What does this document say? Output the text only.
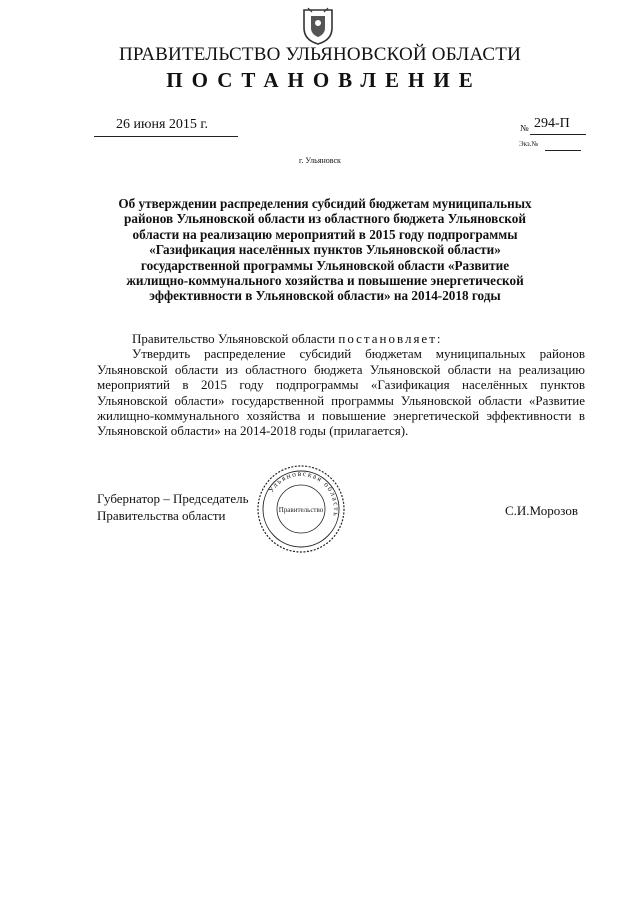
ПРАВИТЕЛЬСТВО УЛЬЯНОВСКОЙ ОБЛАСТИ
ПОСТАНОВЛЕНИЕ
26 июня 2015 г.	№ 294-П
Экз.№
г. Ульяновск
Об утверждении распределения субсидий бюджетам муниципальных
районов Ульяновской области из областного бюджета Ульяновской
области на реализацию мероприятий в 2015 году подпрограммы
«Газификация населённых пунктов Ульяновской области»
государственной программы Ульяновской области «Развитие
жилищно-коммунального хозяйства и повышение энергетической
эффективности в Ульяновской области» на 2014-2018 годы

Правительство Ульяновской области постановляет:

Утвердить распределение субсидий бюджетам муниципальных районов Ульяновской области из областного бюджета Ульяновской области на реализацию мероприятий в 2015 году подпрограммы «Газификация населённых пунктов Ульяновской области» государственной программы Ульяновской области «Развитие жилищно-коммунального хозяйства и повышение энергетической эффективности в Ульяновской области» на 2014-2018 годы (прилагается).

Губернатор – Председатель
Правительства области	С.И.Морозов
Ульяновская область
Правительство
